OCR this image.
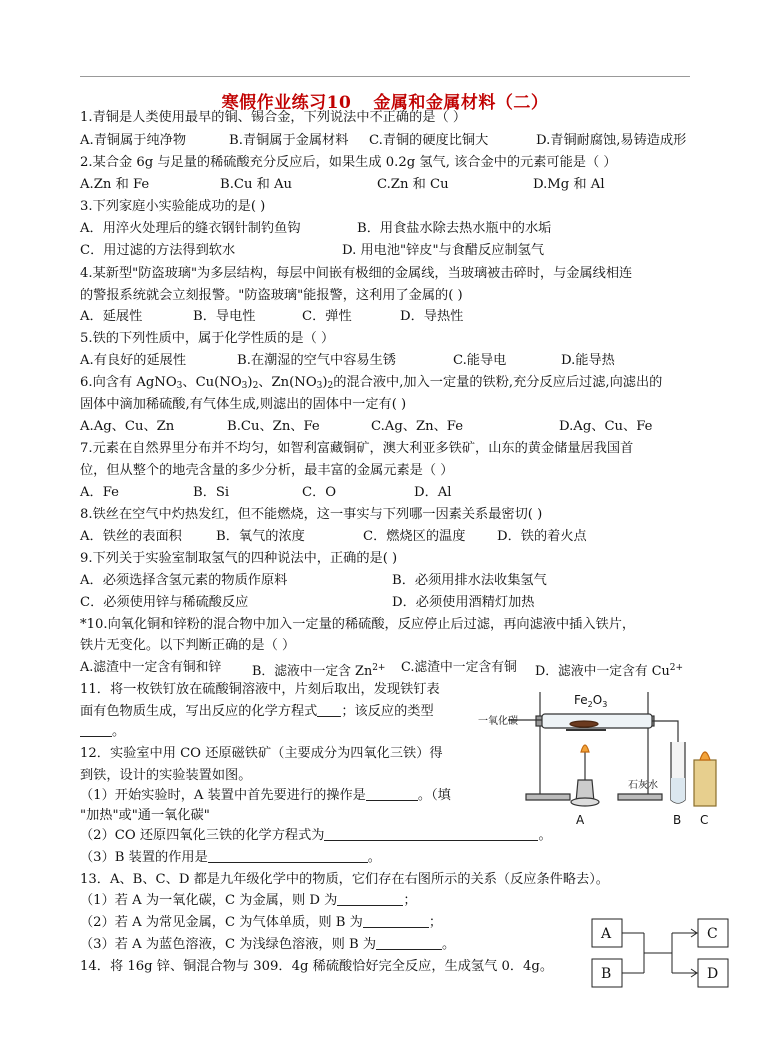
寒假作业练习10 金属和金属材料（二）
1.青铜是人类使用最早的铜、锡合金，下列说法中不正确的是（ ）
A.青铜属于纯净物	B.青铜属于金属材料 C.青铜的硬度比铜大	D.青铜耐腐蚀,易铸造成形
2.某合金 6g 与足量的稀硫酸充分反应后，如果生成 0.2g 氢气, 该合金中的元素可能是（ ）
A.Zn 和 Fe	B.Cu 和 Au	C.Zn 和 Cu	D.Mg 和 Al
3.下列家庭小实验能成功的是( )
A．用淬火处理后的缝衣钢针制钓鱼钩	B．用食盐水除去热水瓶中的水垢
C．用过滤的方法得到软水	D. 用电池"锌皮"与食醋反应制氢气
4.某新型"防盗玻璃"为多层结构，每层中间嵌有极细的金属线，当玻璃被击碎时，与金属线相连
的警报系统就会立刻报警。"防盗玻璃"能报警，这利用了金属的( )
A．延展性	B．导电性	C．弹性	D．导热性
5.铁的下列性质中，属于化学性质的是（ ）
A.有良好的延展性	B.在潮湿的空气中容易生锈	C.能导电	D.能导热
6.向含有 AgNO$_3$、$Cu(NO_3)_2$、$Zn(NO_3)_2$的混合液中,加入一定量的铁粉,充分反应后过滤,向滤出的
固体中滴加稀硫酸,有气体生成,则滤出的固体中一定有( )
A.Ag、Cu、Zn	B.Cu、Zn、Fe	C.Ag、Zn、Fe	D.Ag、Cu、Fe
7.元素在自然界里分布并不均匀，如智利富藏铜矿，澳大利亚多铁矿，山东的黄金储量居我国首
位，但从整个的地壳含量的多少分析，最丰富的金属元素是（ ）
A．Fe	B．Si	C．O	D．Al
8.铁丝在空气中灼热发红，但不能燃烧，这一事实与下列哪一因素关系最密切( )
A．铁丝的表面积	B．氧气的浓度	C．燃烧区的温度 D．铁的着火点
9.下列关于实验室制取氢气的四种说法中，正确的是( )
A．必须选择含氢元素的物质作原料	B．必须用排水法收集氢气
C．必须使用锌与稀硫酸反应	D．必须使用酒精灯加热
*10.向氧化铜和锌粉的混合物中加入一定量的稀硫酸，反应停止后过滤，再向滤液中插入铁片，
铁片无变化。以下判断正确的是（ ）
A.滤渣中一定含有铜和锌 B．滤液中一定含 $Zn^{2+}$ C.滤渣中一定含有铜 D．滤液中一定含有 $Cu^{2+}$
11．将一枚铁钉放在硫酸铜溶液中，片刻后取出，发现铁钉表
面有色物质生成，写出反应的化学方程式 ；该反应的类型
。
12．实验室中用 CO 还原磁铁矿（主要成分为四氧化三铁）得
到铁，设计的实验装置如图。
（1）开始实验时，A 装置中首先要进行的操作是	。（填
"加热"或"通一氧化碳"
（2）CO 还原四氧化三铁的化学方程式为	。
（3）B 装置的作用是	。
一氧化碳
$Fe_2O_3$
石灰水
A	B C
13．A、B、C、D 都是九年级化学中的物质，它们存在右图所示的关系（反应条件略去）。
（1）若 A 为一氧化碳，C 为金属，则 D 为	；
（2）若 A 为常见金属，C 为气体单质，则 B 为	；
（3）若 A 为蓝色溶液，C 为浅绿色溶液，则 B 为	。
A
B
C
D
14．将 16g 锌、铜混合物与 309．4g 稀硫酸恰好完全反应，生成氢气 0．4g。
